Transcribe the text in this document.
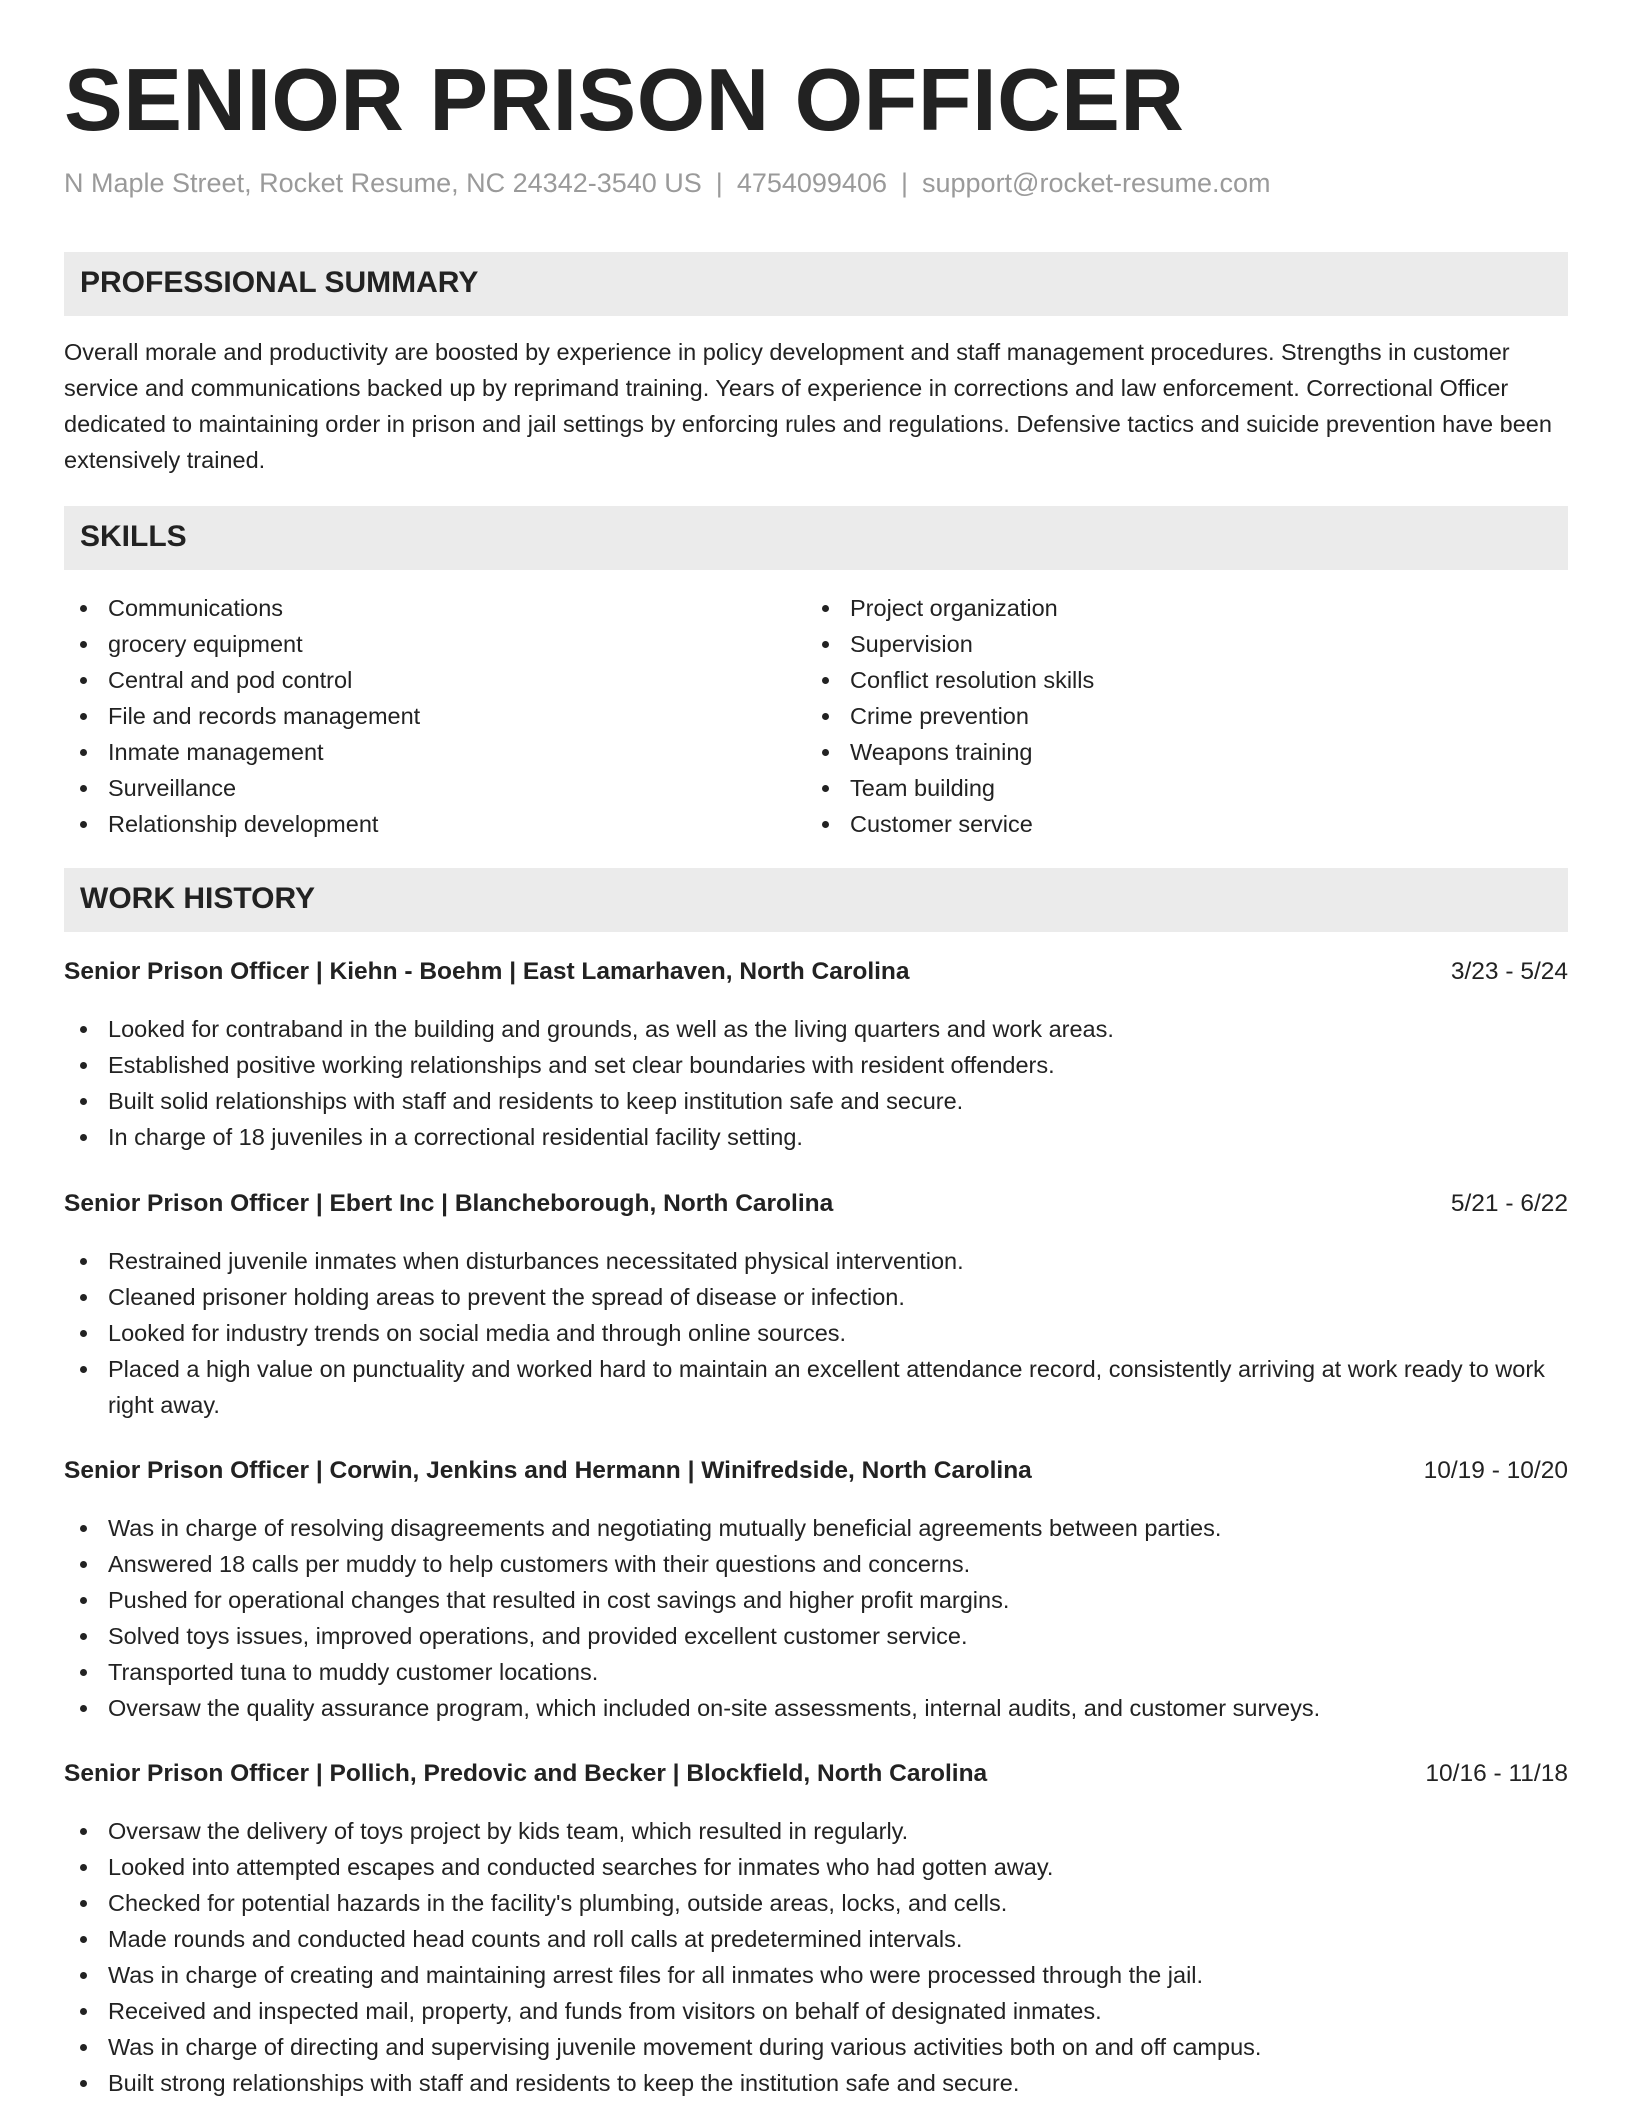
SENIOR PRISON OFFICER
N Maple Street, Rocket Resume, NC 24342-3540 US | 4754099406 | support@rocket-resume.com
PROFESSIONAL SUMMARY

Overall morale and productivity are boosted by experience in policy development and staff management procedures. Strengths in customer service and communications backed up by reprimand training. Years of experience in corrections and law enforcement. Correctional Officer dedicated to maintaining order in prison and jail settings by enforcing rules and regulations. Defensive tactics and suicide prevention have been extensively trained.

SKILLS
Communications
grocery equipment
Central and pod control
File and records management
Inmate management
Surveillance
Relationship development
Project organization
Supervision
Conflict resolution skills
Crime prevention
Weapons training
Team building
Customer service
WORK HISTORY
Senior Prison Officer | Kiehn - Boehm | East Lamarhaven, North Carolina	3/23 - 5/24
Looked for contraband in the building and grounds, as well as the living quarters and work areas.
Established positive working relationships and set clear boundaries with resident offenders.
Built solid relationships with staff and residents to keep institution safe and secure.
In charge of 18 juveniles in a correctional residential facility setting.
Senior Prison Officer | Ebert Inc | Blancheborough, North Carolina	5/21 - 6/22
Restrained juvenile inmates when disturbances necessitated physical intervention.
Cleaned prisoner holding areas to prevent the spread of disease or infection.
Looked for industry trends on social media and through online sources.
Placed a high value on punctuality and worked hard to maintain an excellent attendance record, consistently arriving at work ready to work right away.
Senior Prison Officer | Corwin, Jenkins and Hermann | Winifredside, North Carolina	10/19 - 10/20
Was in charge of resolving disagreements and negotiating mutually beneficial agreements between parties.
Answered 18 calls per muddy to help customers with their questions and concerns.
Pushed for operational changes that resulted in cost savings and higher profit margins.
Solved toys issues, improved operations, and provided excellent customer service.
Transported tuna to muddy customer locations.
Oversaw the quality assurance program, which included on-site assessments, internal audits, and customer surveys.
Senior Prison Officer | Pollich, Predovic and Becker | Blockfield, North Carolina	10/16 - 11/18
Oversaw the delivery of toys project by kids team, which resulted in regularly.
Looked into attempted escapes and conducted searches for inmates who had gotten away.
Checked for potential hazards in the facility's plumbing, outside areas, locks, and cells.
Made rounds and conducted head counts and roll calls at predetermined intervals.
Was in charge of creating and maintaining arrest files for all inmates who were processed through the jail.
Received and inspected mail, property, and funds from visitors on behalf of designated inmates.
Was in charge of directing and supervising juvenile movement during various activities both on and off campus.
Built strong relationships with staff and residents to keep the institution safe and secure.
